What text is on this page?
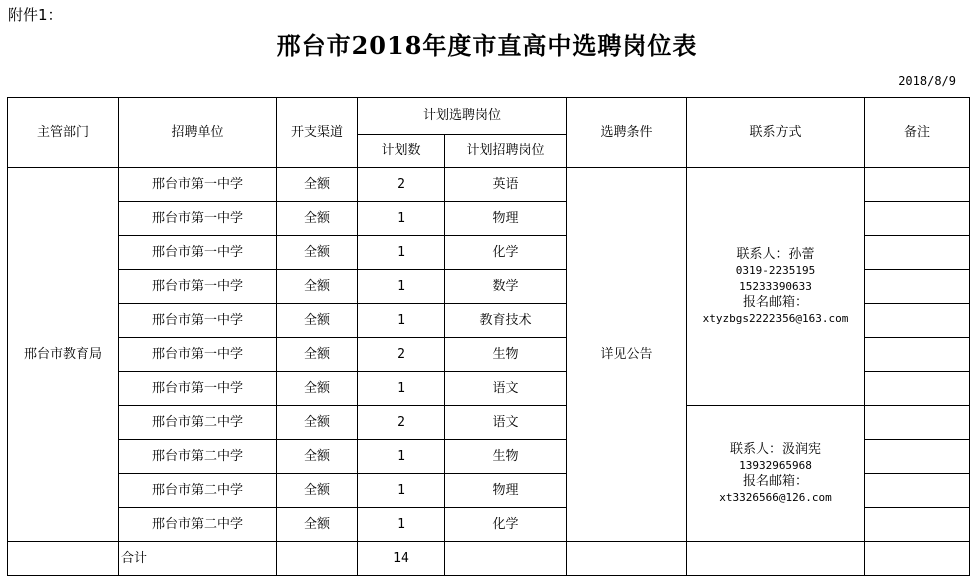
附件1：
邢台市2018年度市直高中选聘岗位表
2018/8/9
主管部门	招聘单位	开支渠道	计划选聘岗位		选聘条件	联系方式	备注
			计划数	计划招聘岗位			
邢台市教育局	邢台市第一中学	全额	2	英语	详见公告	联系人：孙蕾
0319-2235195
15233390633
报名邮箱：
xtyzbgs2222356@163.com	

	邢台市第一中学	全额	1	物理			
	邢台市第一中学	全额	1	化学			
	邢台市第一中学	全额	1	数学			
	邢台市第一中学	全额	1	教育技术			
	邢台市第一中学	全额	2	生物			
	邢台市第一中学	全额	1	语文			
	邢台市第二中学	全额	2	语文		联系人：汲润宪
13932965968
报名邮箱：
xt3326566@126.com	

	邢台市第二中学	全额	1	生物			
	邢台市第二中学	全额	1	物理			
	邢台市第二中学	全额	1	化学			
	合计		14				
